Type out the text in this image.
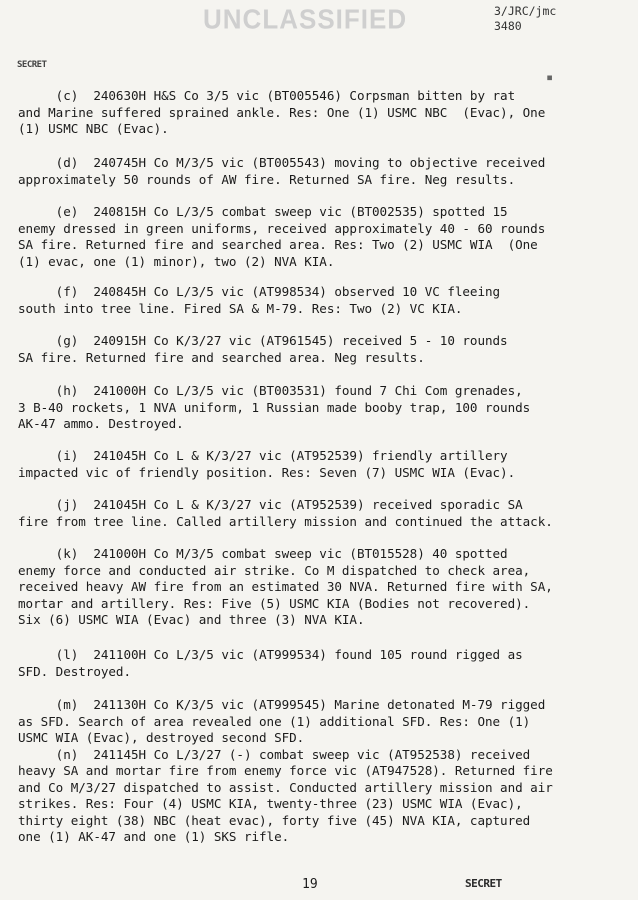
UNCLASSIFIED	3/JRC/jmc
3480
SECRET
▪
(c)  240630H H&S Co 3/5 vic (BT005546) Corpsman bitten by rat
and Marine suffered sprained ankle. Res: One (1) USMC NBC  (Evac), One
(1) USMC NBC (Evac).
(d)  240745H Co M/3/5 vic (BT005543) moving to objective received
approximately 50 rounds of AW fire. Returned SA fire. Neg results.
(e)  240815H Co L/3/5 combat sweep vic (BT002535) spotted 15
enemy dressed in green uniforms, received approximately 40 - 60 rounds
SA fire. Returned fire and searched area. Res: Two (2) USMC WIA  (One
(1) evac, one (1) minor), two (2) NVA KIA.
(f)  240845H Co L/3/5 vic (AT998534) observed 10 VC fleeing
south into tree line. Fired SA & M-79. Res: Two (2) VC KIA.
(g)  240915H Co K/3/27 vic (AT961545) received 5 - 10 rounds
SA fire. Returned fire and searched area. Neg results.
(h)  241000H Co L/3/5 vic (BT003531) found 7 Chi Com grenades,
3 B-40 rockets, 1 NVA uniform, 1 Russian made booby trap, 100 rounds
AK-47 ammo. Destroyed.
(i)  241045H Co L & K/3/27 vic (AT952539) friendly artillery
impacted vic of friendly position. Res: Seven (7) USMC WIA (Evac).
(j)  241045H Co L & K/3/27 vic (AT952539) received sporadic SA
fire from tree line. Called artillery mission and continued the attack.
(k)  241000H Co M/3/5 combat sweep vic (BT015528) 40 spotted
enemy force and conducted air strike. Co M dispatched to check area,
received heavy AW fire from an estimated 30 NVA. Returned fire with SA,
mortar and artillery. Res: Five (5) USMC KIA (Bodies not recovered).
Six (6) USMC WIA (Evac) and three (3) NVA KIA.
(l)  241100H Co L/3/5 vic (AT999534) found 105 round rigged as
SFD. Destroyed.
(m)  241130H Co K/3/5 vic (AT999545) Marine detonated M-79 rigged
as SFD. Search of area revealed one (1) additional SFD. Res: One (1)
USMC WIA (Evac), destroyed second SFD.
(n)  241145H Co L/3/27 (-) combat sweep vic (AT952538) received
heavy SA and mortar fire from enemy force vic (AT947528). Returned fire
and Co M/3/27 dispatched to assist. Conducted artillery mission and air
strikes. Res: Four (4) USMC KIA, twenty-three (23) USMC WIA (Evac),
thirty eight (38) NBC (heat evac), forty five (45) NVA KIA, captured
one (1) AK-47 and one (1) SKS rifle.
19	SECRET
